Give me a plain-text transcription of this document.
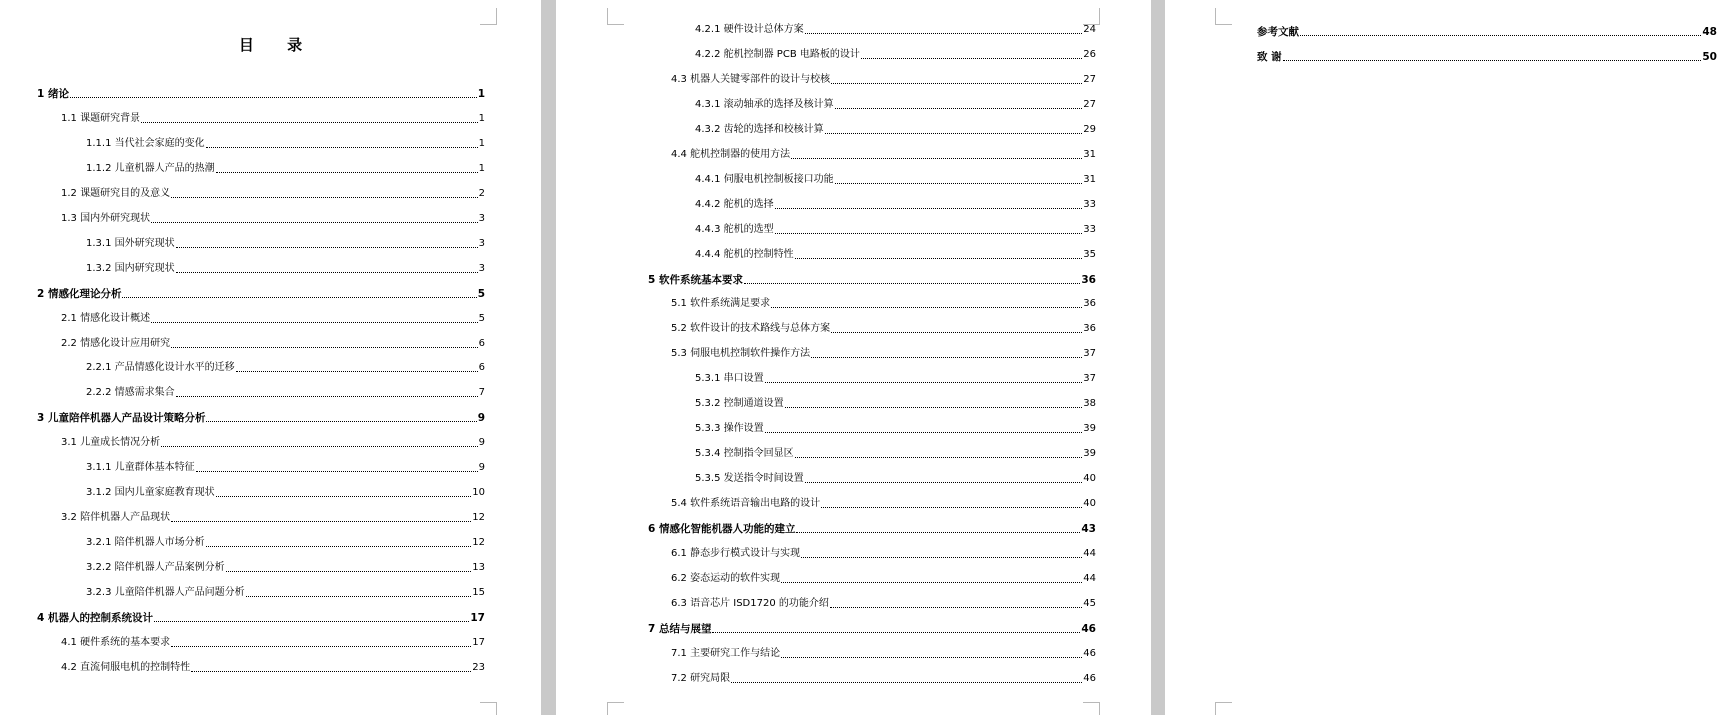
目 录
1 绪论	1
1.1 课题研究背景	1
1.1.1 当代社会家庭的变化	1
1.1.2 儿童机器人产品的热潮	1
1.2 课题研究目的及意义	2
1.3 国内外研究现状	3
1.3.1 国外研究现状	3
1.3.2 国内研究现状	3
2 情感化理论分析	5
2.1 情感化设计概述	5
2.2 情感化设计应用研究	6
2.2.1 产品情感化设计水平的迁移	6
2.2.2 情感需求集合	7
3 儿童陪伴机器人产品设计策略分析	9
3.1 儿童成长情况分析	9
3.1.1 儿童群体基本特征	9
3.1.2 国内儿童家庭教育现状	10
3.2 陪伴机器人产品现状	12
3.2.1 陪伴机器人市场分析	12
3.2.2 陪伴机器人产品案例分析	13
3.2.3 儿童陪伴机器人产品问题分析	15
4 机器人的控制系统设计	17
4.1 硬件系统的基本要求	17
4.2 直流伺服电机的控制特性	23
4.2.1 硬件设计总体方案	24
4.2.2 舵机控制器 PCB 电路板的设计	26
4.3 机器人关键零部件的设计与校核	27
4.3.1 滚动轴承的选择及核计算	27
4.3.2 齿轮的选择和校核计算	29
4.4 舵机控制器的使用方法	31
4.4.1 伺服电机控制板接口功能	31
4.4.2 舵机的选择	33
4.4.3 舵机的选型	33
4.4.4 舵机的控制特性	35
5 软件系统基本要求	36
5.1 软件系统满足要求	36
5.2 软件设计的技术路线与总体方案	36
5.3 伺服电机控制软件操作方法	37
5.3.1 串口设置	37
5.3.2 控制通道设置	38
5.3.3 操作设置	39
5.3.4 控制指令回显区	39
5.3.5 发送指令时间设置	40
5.4 软件系统语音输出电路的设计	40
6 情感化智能机器人功能的建立	43
6.1 静态步行模式设计与实现	44
6.2 姿态运动的软件实现	44
6.3 语音芯片 ISD1720 的功能介绍	45
7 总结与展望	46
7.1 主要研究工作与结论	46
7.2 研究局限	46
参考文献	48
致 谢	50
